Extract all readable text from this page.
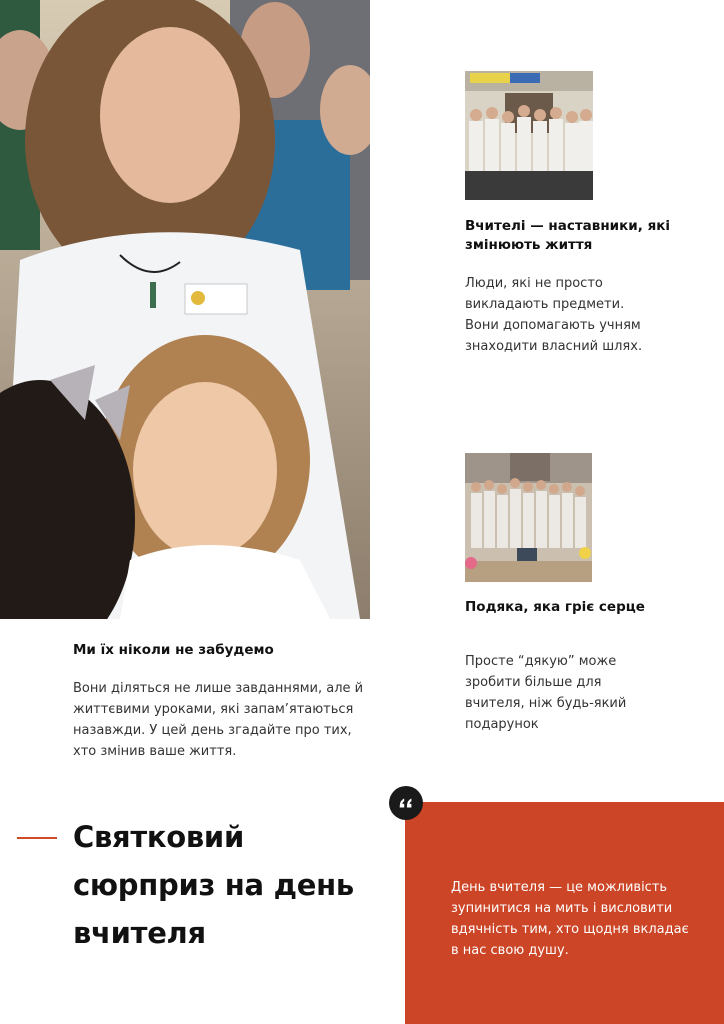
Вчителі — наставники, які змінюють життя
Люди, які не просто викладають предмети. Вони допомагають учням знаходити власний шлях.
Подяка, яка гріє серце
Просте “дякую” може зробити більше для вчителя, ніж будь-який подарунок
Ми їх ніколи не забудемо
Вони діляться не лише завданнями, але й життєвими уроками, які запам’ятаються назавжди. У цей день згадайте про тих, хто змінив ваше життя.
Святковий сюрприз на день вчителя
День вчителя — це можливість зупинитися на мить і висловити вдячність тим, хто щодня вкладає в нас свою душу.
